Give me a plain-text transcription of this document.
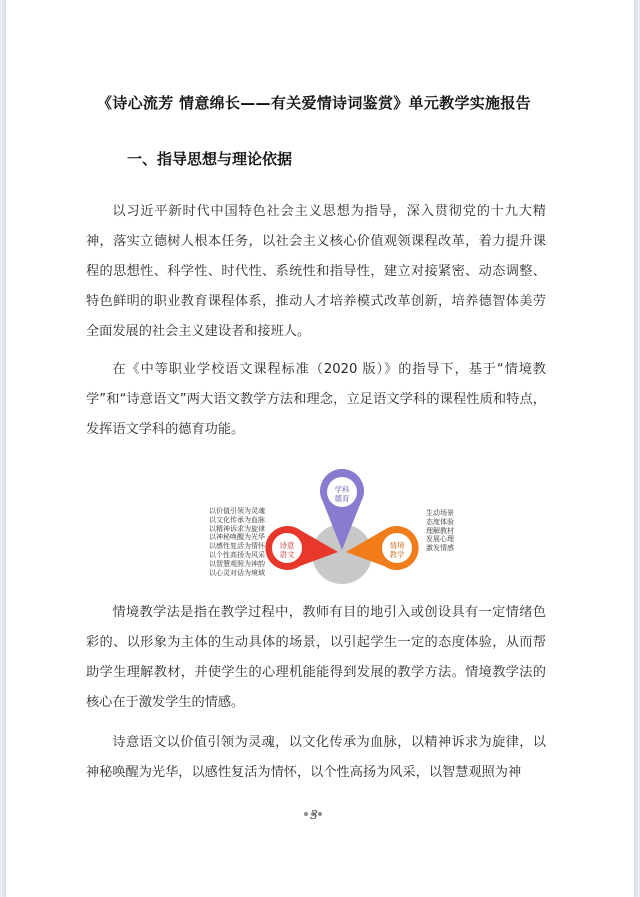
《诗心流芳 情意绵长——有关爱情诗词鉴赏》单元教学实施报告
一、指导思想与理论依据

以习近平新时代中国特色社会主义思想为指导，深入贯彻党的十九大精神，落实立德树人根本任务，以社会主义核心价值观领课程改革，着力提升课程的思想性、科学性、时代性、系统性和指导性，建立对接紧密、动态调整、特色鲜明的职业教育课程体系，推动人才培养模式改革创新，培养德智体美劳全面发展的社会主义建设者和接班人。

在《中等职业学校语文课程标准（2020 版）》的指导下，基于“情境教学”和“诗意语文”两大语文教学方法和理念，立足语文学科的课程性质和特点，发挥语文学科的德育功能。

学科德育
诗意语文
情境教学
以价值引领为灵魂
以文化传承为血脉
以精神诉求为旋律
以神秘唤醒为光华
以感性复活为情怀
以个性高扬为风采
以智慧观照为神韵
以心灵对话为境域
生动场景
态度体验
理解教材
发展心理
激发情感

情境教学法是指在教学过程中，教师有目的地引入或创设具有一定情绪色彩的、以形象为主体的生动具体的场景，以引起学生一定的态度体验，从而帮助学生理解教材，并使学生的心理机能能得到发展的教学方法。情境教学法的核心在于激发学生的情感。

诗意语文以价值引领为灵魂，以文化传承为血脉，以精神诉求为旋律，以神秘唤醒为光华，以感性复活为情怀，以个性高扬为风采，以智慧观照为神

3
